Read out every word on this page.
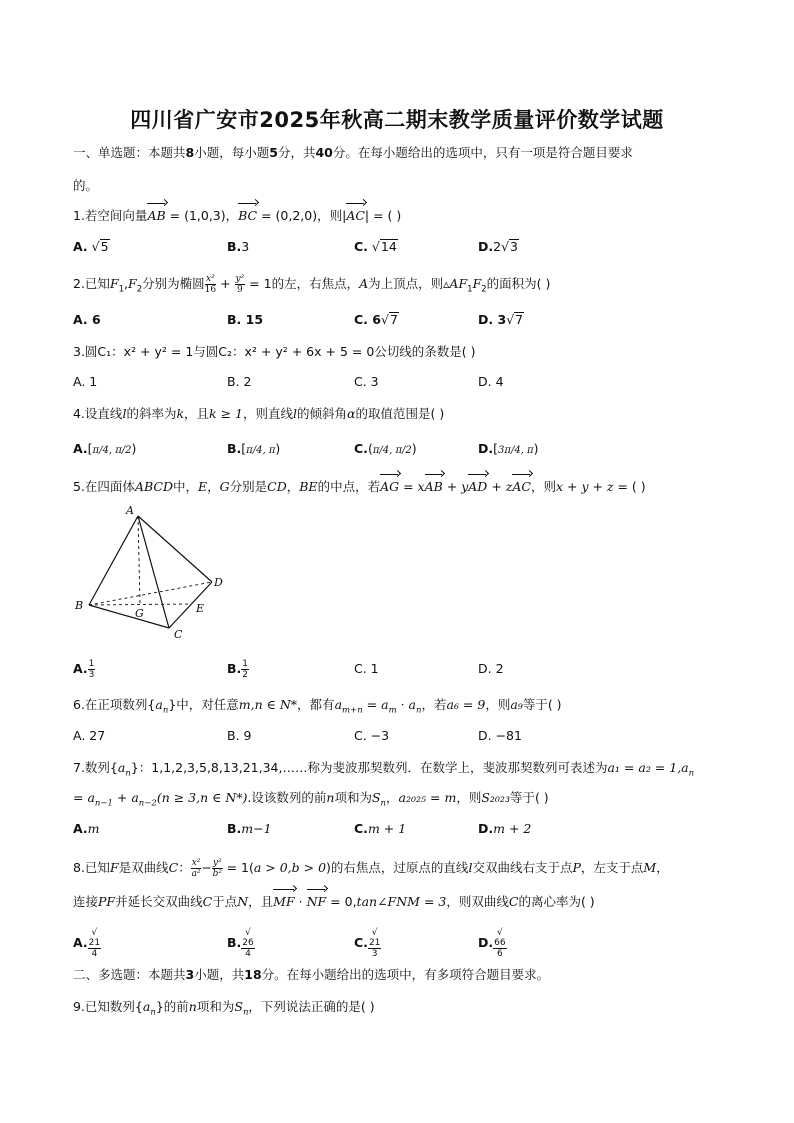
四川省广安市2025年秋高二期末教学质量评价数学试题
一、单选题：本题共8小题，每小题5分，共40分。在每小题给出的选项中，只有一项是符合题目要求
的。
1.若空间向量AB = (1,0,3)，BC = (0,2,0)，则|AC| = ( )
A. √5	B.3	C. √14	D.2√3
2.已知$F_1,F_2$分别为椭圆 $\frac{\text{x²}}{16} + \frac{\text{y²}}{9} = 1$的左，右焦点，A为上顶点，则$▵AF_1F_2$的面积为( )
A. 6	B. 15	C. 6√7	D. 3√7
3.圆C₁：x² + y² = 1与圆C₂：x² + y² + 6x + 5 = 0公切线的条数是( )
A. 1	B. 2	C. 3	D. 4
4.设直线l的斜率为k，且k ≥ 1，则直线l的倾斜角α的取值范围是( )
A.[π/4, π/2)	B.[π/4, π)	C.(π/4, π/2)	D.[3π/4, π)
5.在四面体ABCD中，E，G分别是CD，BE的中点，若AG = xAB + yAD + zAC，则x + y + z = ( )
A
B
C
D
E
G
A. $\frac{1}{3}$	B. $\frac{1}{2}$	C. 1	D. 2
6.在正项数列$\{a_n\}$中，对任意m,n ∈ N*，都有$a_{m+n} = a_m \cdot a_n$，若a₆ = 9，则a₉等于( )
A. 27	B. 9	C. −3	D. −81
7.数列$\{a_n\}$：1,1,2,3,5,8,13,21,34,……称为斐波那契数列．在数学上，斐波那契数列可表述为$a_1 = a_2 = 1,a_n$
= $a_{n-1} + a_{n-2}(n \ge 3,n$ ∈ N*).设该数列的前n项和为$S_n$，a₂₀₂₅ = m，则S₂₀₂₃等于( )
A.m	B.m−1	C.m + 1	D.m + 2
8.已知F是双曲线C： $\frac{\text{x²}}{\text{a²}} - \frac{\text{y²}}{\text{b²}} = 1(a > 0,b > 0)$的右焦点，过原点的直线l交双曲线右支于点P，左支于点M，
连接PF并延长交双曲线C于点N，且MF · NF = 0,tan∠FNM = 3，则双曲线C的离心率为( )
A. √
21
4	B. √
26
4	C. √
21
3	D. √
66
6
二、多选题：本题共3小题，共18分。在每小题给出的选项中，有多项符合题目要求。
9.已知数列$\{a_n\}$的前n项和为$S_n$，下列说法正确的是( )
